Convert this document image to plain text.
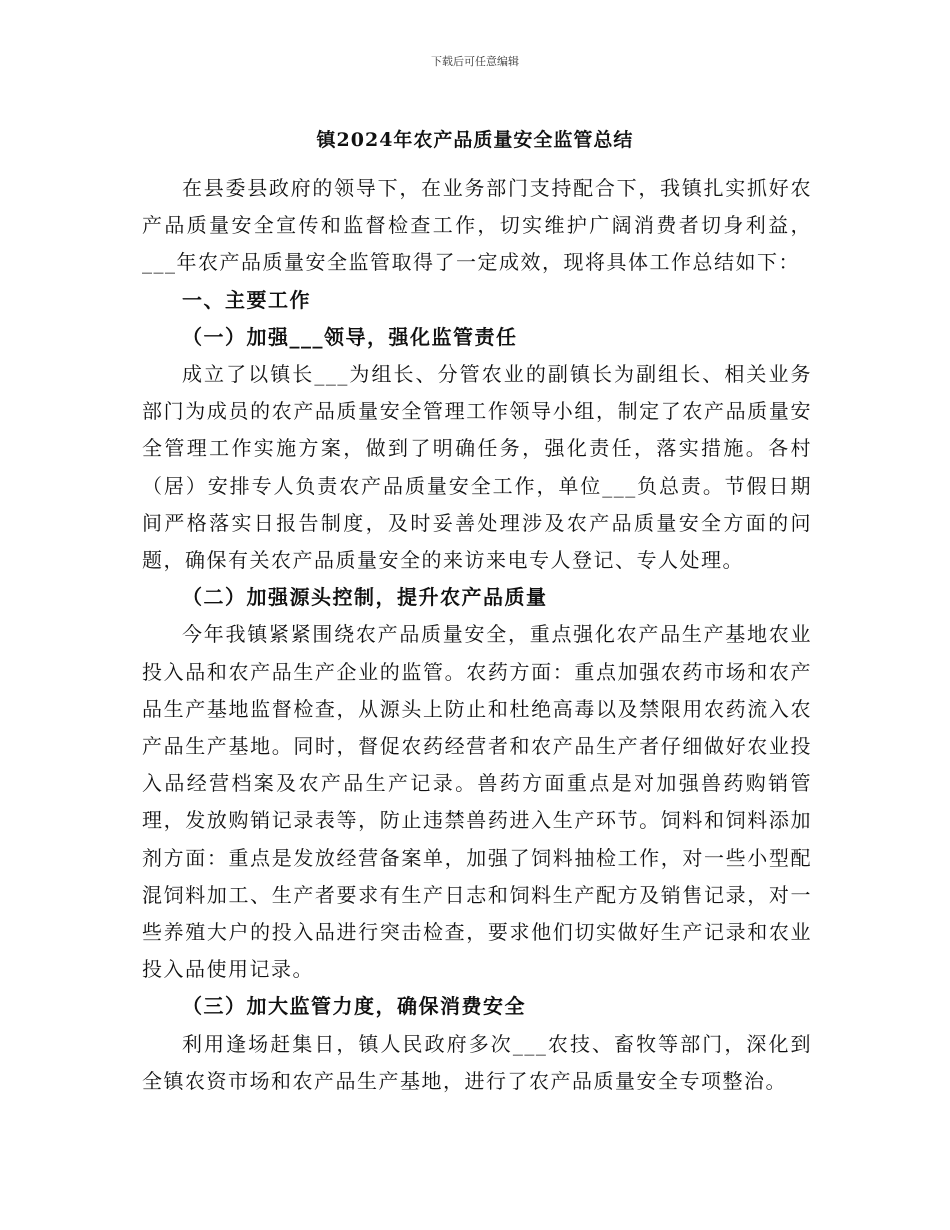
下载后可任意编辑
镇2024年农产品质量安全监管总结

在县委县政府的领导下，在业务部门支持配合下，我镇扎实抓好农产品质量安全宣传和监督检查工作，切实维护广阔消费者切身利益，___年农产品质量安全监管取得了一定成效，现将具体工作总结如下：

一、主要工作
（一）加强___领导，强化监管责任

成立了以镇长___为组长、分管农业的副镇长为副组长、相关业务部门为成员的农产品质量安全管理工作领导小组，制定了农产品质量安全管理工作实施方案，做到了明确任务，强化责任，落实措施。各村（居）安排专人负责农产品质量安全工作，单位___负总责。节假日期间严格落实日报告制度，及时妥善处理涉及农产品质量安全方面的问题，确保有关农产品质量安全的来访来电专人登记、专人处理。

（二）加强源头控制，提升农产品质量

今年我镇紧紧围绕农产品质量安全，重点强化农产品生产基地农业投入品和农产品生产企业的监管。农药方面：重点加强农药市场和农产品生产基地监督检查，从源头上防止和杜绝高毒以及禁限用农药流入农产品生产基地。同时，督促农药经营者和农产品生产者仔细做好农业投入品经营档案及农产品生产记录。兽药方面重点是对加强兽药购销管理，发放购销记录表等，防止违禁兽药进入生产环节。饲料和饲料添加剂方面：重点是发放经营备案单，加强了饲料抽检工作，对一些小型配混饲料加工、生产者要求有生产日志和饲料生产配方及销售记录，对一些养殖大户的投入品进行突击检查，要求他们切实做好生产记录和农业投入品使用记录。

（三）加大监管力度，确保消费安全

利用逢场赶集日，镇人民政府多次___农技、畜牧等部门，深化到全镇农资市场和农产品生产基地，进行了农产品质量安全专项整治。
